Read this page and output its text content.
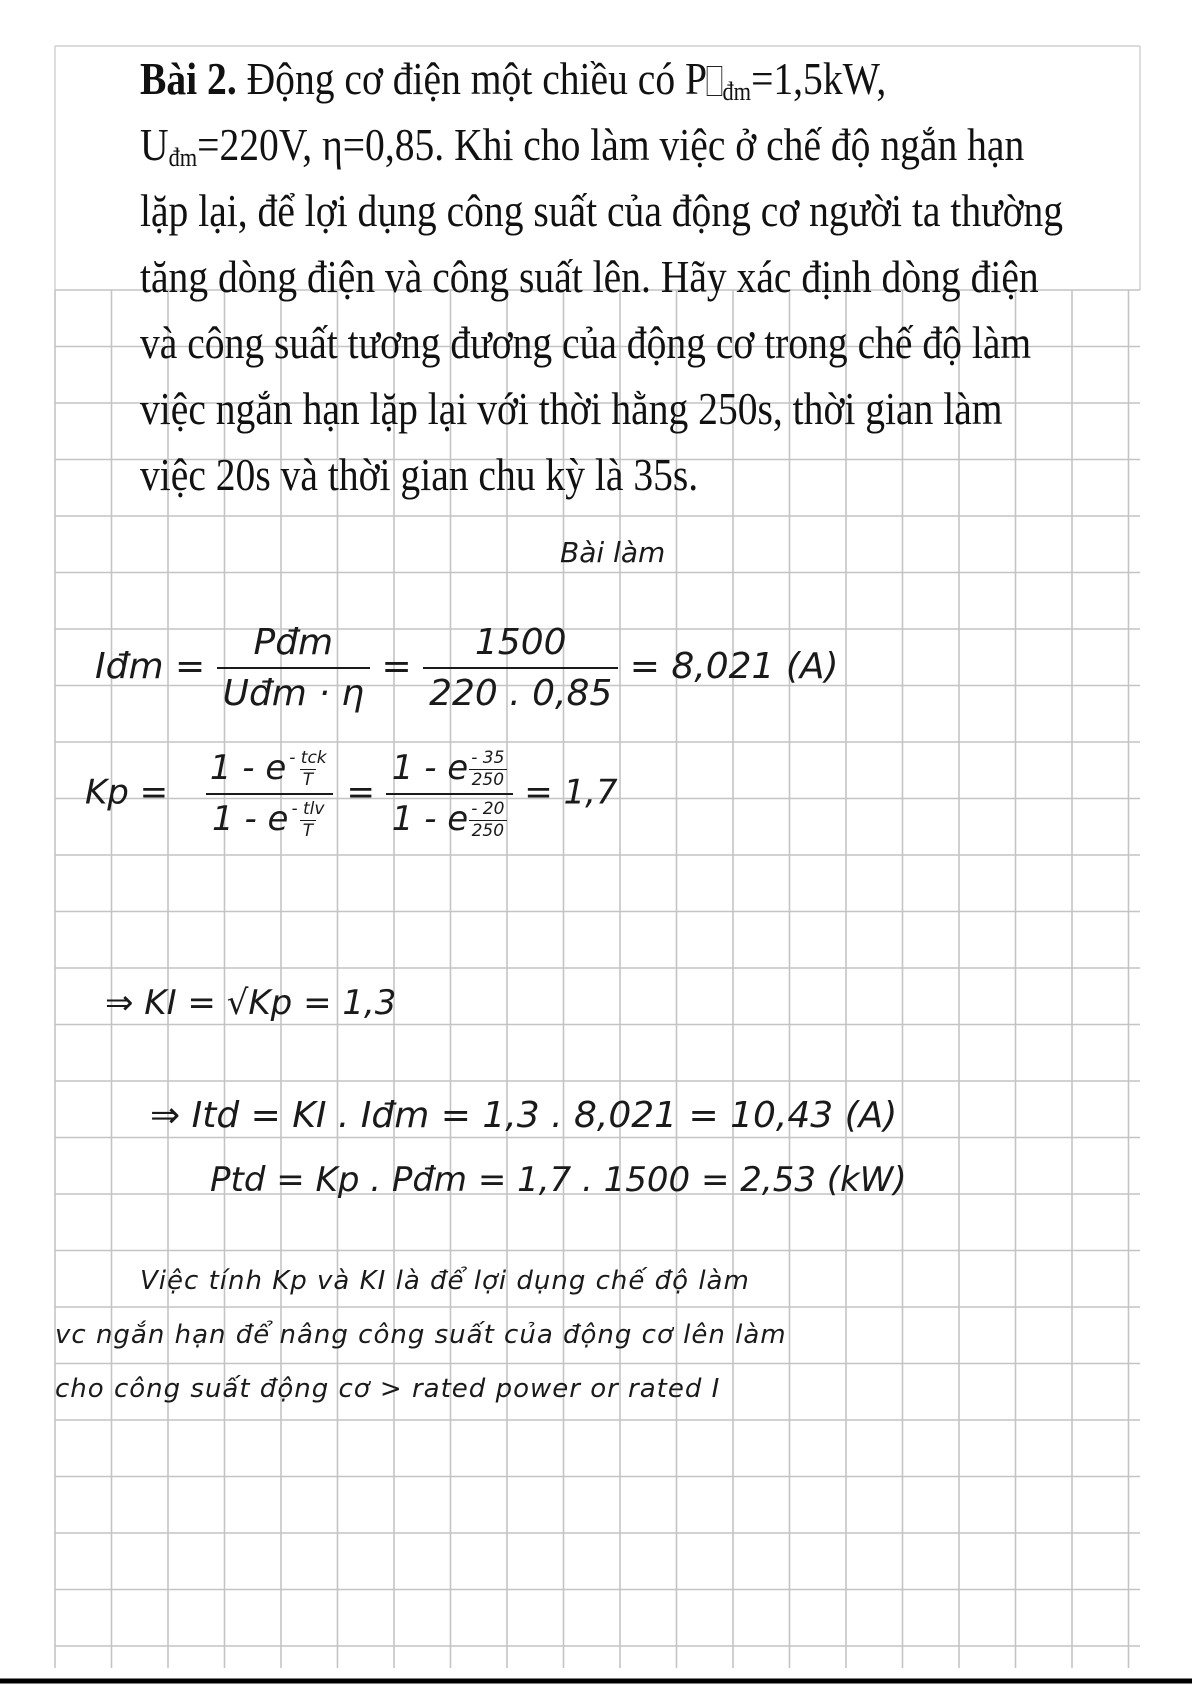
Bài 2. Động cơ điện một chiều có P $_{đm}$=1,5kW,
$U_{đm}=220V$, η=0,85. Khi cho làm việc ở chế độ ngắn hạn
lặp lại, để lợi dụng công suất của động cơ người ta thường
tăng dòng điện và công suất lên. Hãy xác định dòng điện
và công suất tương đương của động cơ trong chế độ làm
việc ngắn hạn lặp lại với thời hằng 250s, thời gian làm
việc 20s và thời gian chu kỳ là 35s.
Bài làm
Iđm = $\frac{\text{Pđm}}{\text{Uđm · η}} = \frac{1500}{220 . 0,85} = 8,021$ (A)
Kp = 1 - e - tck
T
1 - e - tlv
$T = \frac{1 - e \frac{- 35}{250}}{1 - e \frac{- 20}{250}} = 1,7$
⇒ KI = √Kp = 1,3
⇒ Itd = KI . Iđm = 1,3 . 8,021 = 10,43 (A)
Ptd = Kp . Pđm = 1,7 . 1500 = 2,53 (kW)
Việc tính Kp và KI là để lợi dụng chế độ làm
vc ngắn hạn để nâng công suất của động cơ lên làm
cho công suất động cơ > rated power or rated I
